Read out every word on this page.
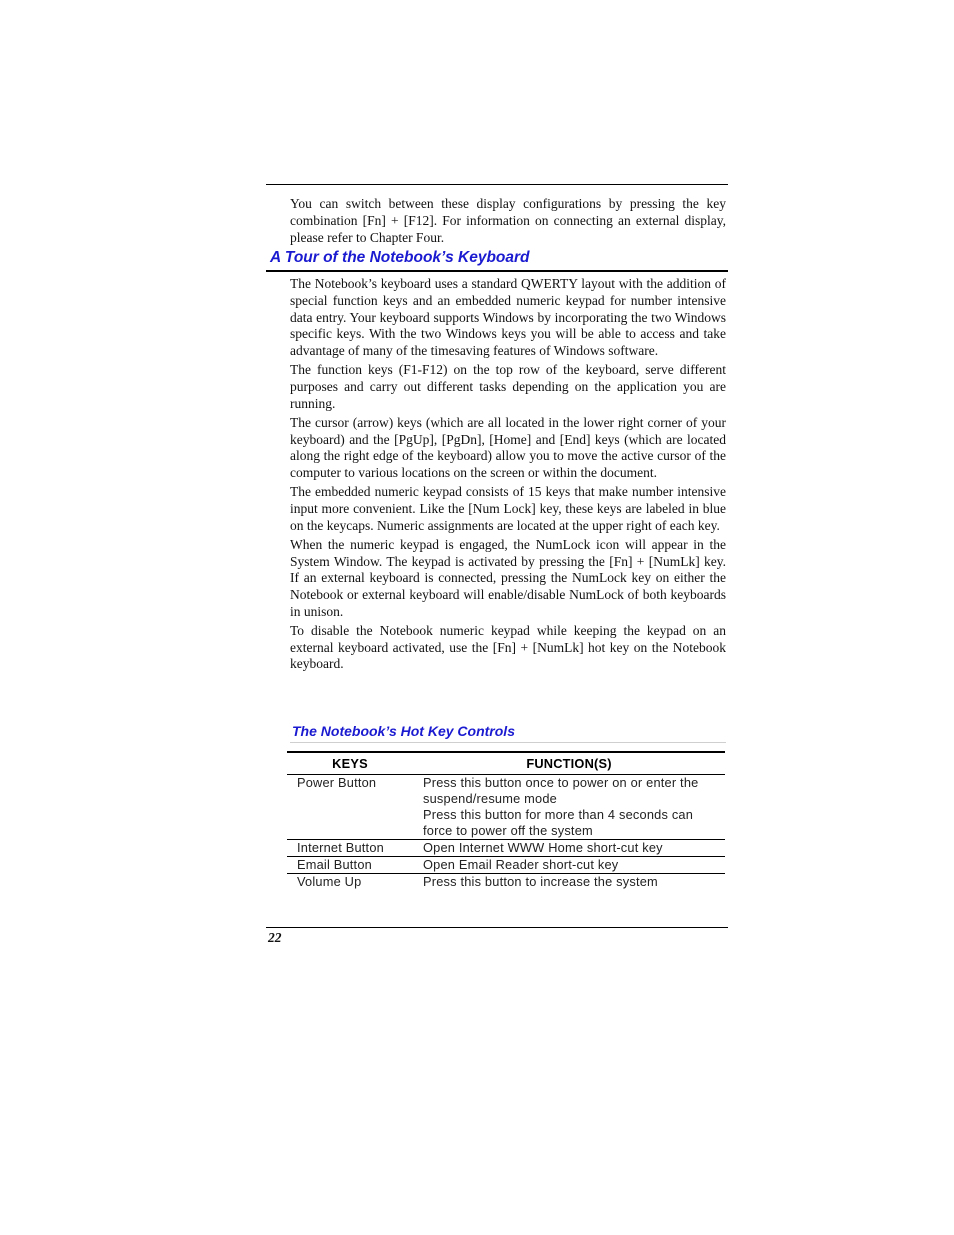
You can switch between these display configurations by pressing the key combination [Fn] + [F12]. For information on connecting an external display, please refer to Chapter Four.

A Tour of the Notebook’s Keyboard

The Notebook’s keyboard uses a standard QWERTY layout with the addition of special function keys and an embedded numeric keypad for number intensive data entry. Your keyboard supports Windows by incorporating the two Windows specific keys. With the two Windows keys you will be able to access and take advantage of many of the timesaving features of Windows software.

The function keys (F1-F12) on the top row of the keyboard, serve different purposes and carry out different tasks depending on the application you are running.

The cursor (arrow) keys (which are all located in the lower right corner of your keyboard) and the [PgUp], [PgDn], [Home] and [End] keys (which are located along the right edge of the keyboard) allow you to move the active cursor of the computer to various locations on the screen or within the document.

The embedded numeric keypad consists of 15 keys that make number intensive input more convenient. Like the [Num Lock] key, these keys are labeled in blue on the keycaps. Numeric assignments are located at the upper right of each key.

When the numeric keypad is engaged, the NumLock icon will appear in the System Window. The keypad is activated by pressing the [Fn] + [NumLk] key. If an external keyboard is connected, pressing the NumLock key on either the Notebook or external keyboard will enable/disable NumLock of both keyboards in unison.

To disable the Notebook numeric keypad while keeping the keypad on an external keyboard activated, use the [Fn] + [NumLk] hot key on the Notebook keyboard.

The Notebook’s Hot Key Controls
KEYS	FUNCTION(S)
Power Button	Press this button once to power on or enter the suspend/resume mode
Press this button for more than 4 seconds can force to power off the system

Internet Button	Open Internet WWW Home short-cut key

Email Button	Open Email Reader short-cut key

Volume Up	Press this button to increase the system
22
